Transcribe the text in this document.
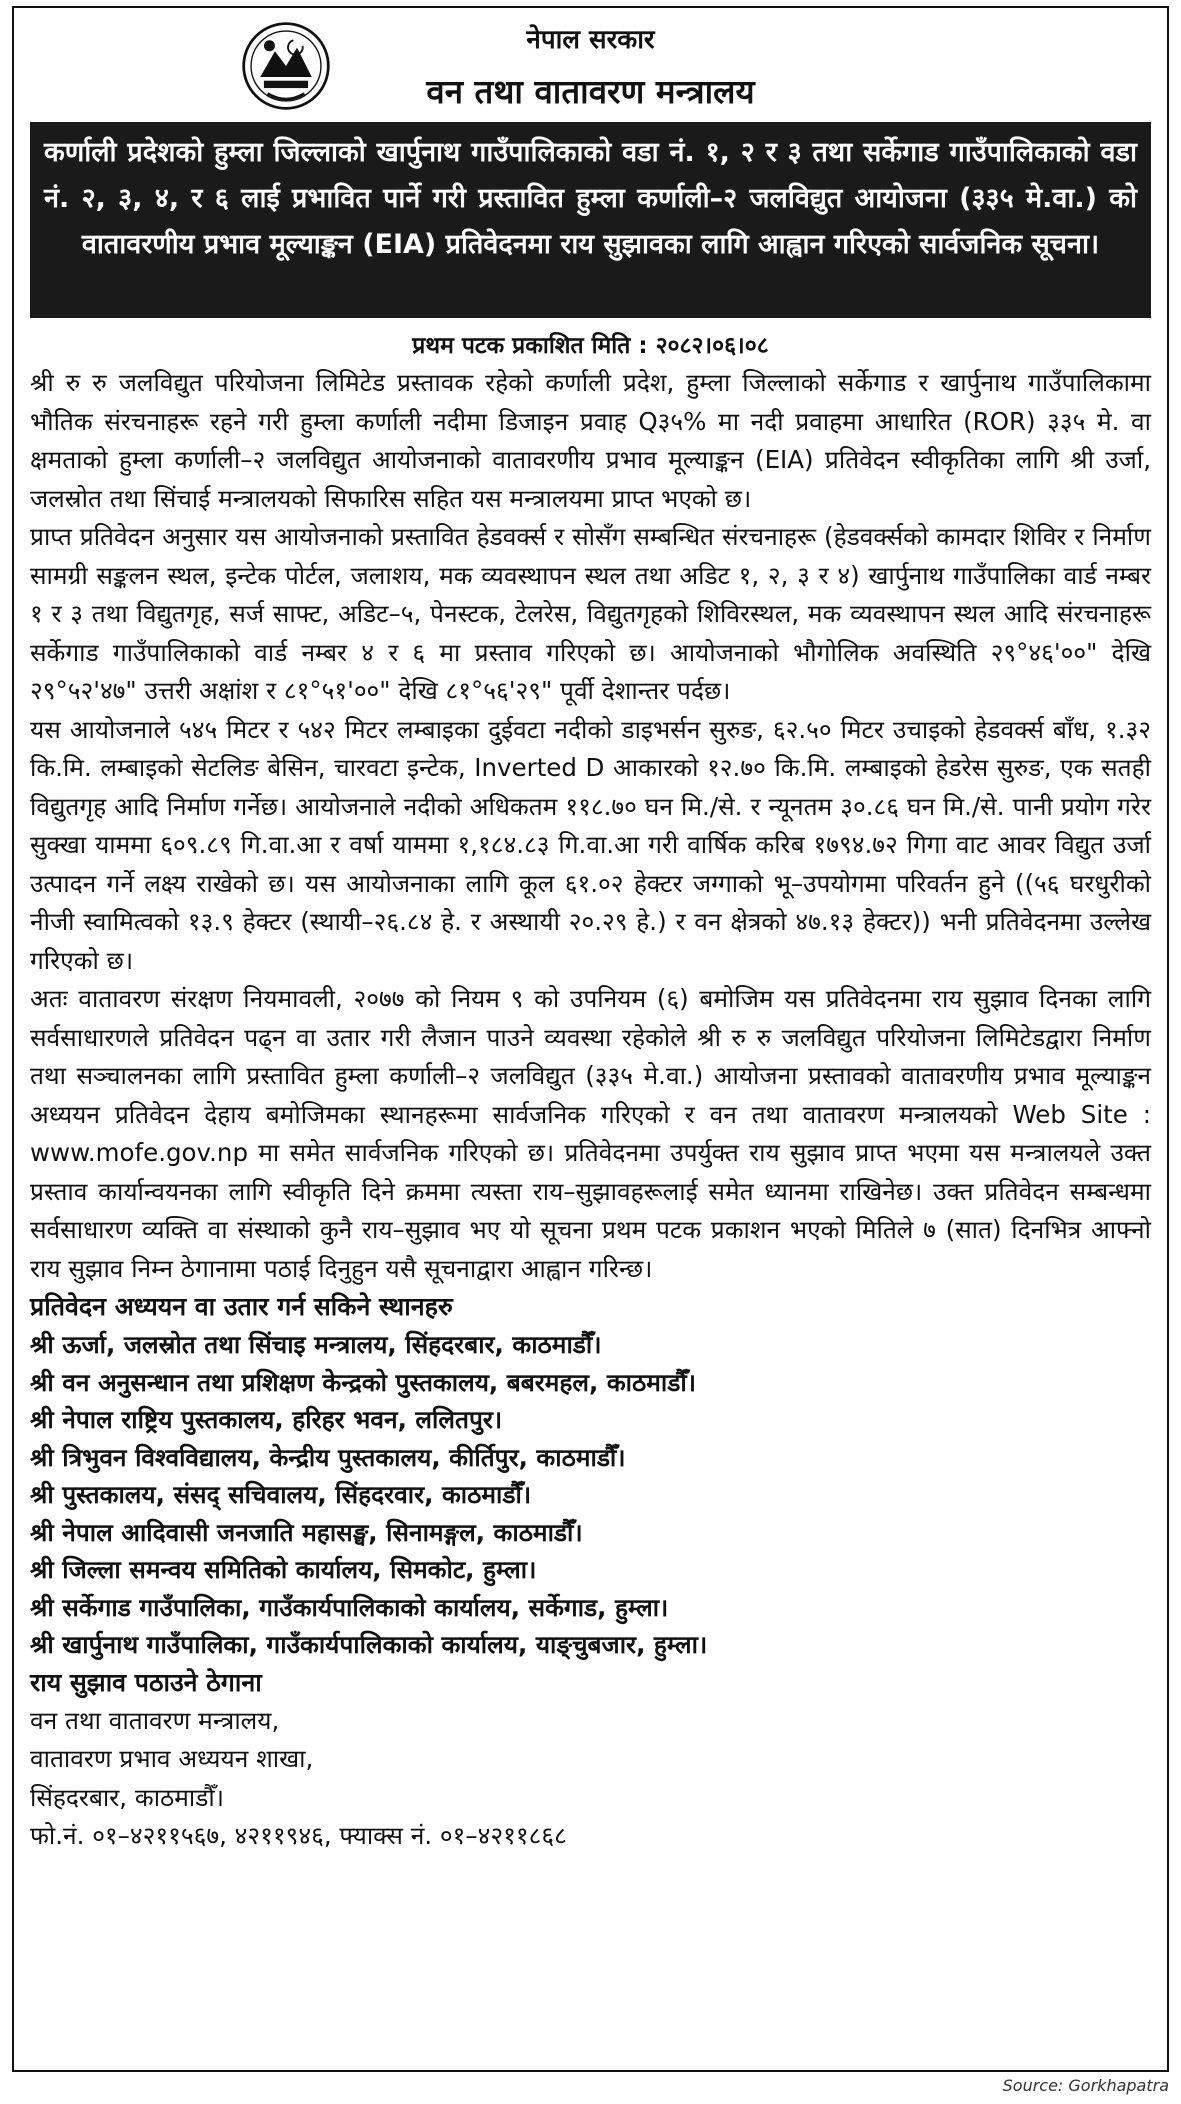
नेपाल सरकार
वन तथा वातावरण मन्त्रालय
कर्णाली प्रदेशको हुम्ला जिल्लाको खार्पुनाथ गाउँपालिकाको वडा नं. १, २ र ३ तथा सर्केगाड गाउँपालिकाको वडा नं. २, ३, ४, र ६ लाई प्रभावित पार्ने गरी प्रस्तावित हुम्ला कर्णाली–२ जलविद्युत आयोजना (३३५ मे.वा.) को वातावरणीय प्रभाव मूल्याङ्कन (EIA) प्रतिवेदनमा राय सुझावका लागि आह्वान गरिएको सार्वजनिक सूचना।
प्रथम पटक प्रकाशित मिति : २०८२।०६।०८

श्री रु रु जलविद्युत परियोजना लिमिटेड प्रस्तावक रहेको कर्णाली प्रदेश, हुम्ला जिल्लाको सर्केगाड र खार्पुनाथ गाउँपालिकामा भौतिक संरचनाहरू रहने गरी हुम्ला कर्णाली नदीमा डिजाइन प्रवाह Q३५% मा नदी प्रवाहमा आधारित (ROR) ३३५ मे. वा क्षमताको हुम्ला कर्णाली–२ जलविद्युत आयोजनाको वातावरणीय प्रभाव मूल्याङ्कन (EIA) प्रतिवेदन स्वीकृतिका लागि श्री उर्जा, जलस्रोत तथा सिंचाई मन्त्रालयको सिफारिस सहित यस मन्त्रालयमा प्राप्त भएको छ।

प्राप्त प्रतिवेदन अनुसार यस आयोजनाको प्रस्तावित हेडवर्क्स र सोसँग सम्बन्धित संरचनाहरू (हेडवर्क्सको कामदार शिविर र निर्माण सामग्री सङ्कलन स्थल, इन्टेक पोर्टल, जलाशय, मक व्यवस्थापन स्थल तथा अडिट १, २, ३ र ४) खार्पुनाथ गाउँपालिका वार्ड नम्बर १ र ३ तथा विद्युतगृह, सर्ज साफ्ट, अडिट–५, पेनस्टक, टेलरेस, विद्युतगृहको शिविरस्थल, मक व्यवस्थापन स्थल आदि संरचनाहरू सर्केगाड गाउँपालिकाको वार्ड नम्बर ४ र ६ मा प्रस्ताव गरिएको छ। आयोजनाको भौगोलिक अवस्थिति २९°४६'००" देखि २९°५२'४७" उत्तरी अक्षांश र ८१°५१'००" देखि ८१°५६'२९" पूर्वी देशान्तर पर्दछ।

यस आयोजनाले ५४५ मिटर र ५४२ मिटर लम्बाइका दुईवटा नदीको डाइभर्सन सुरुङ, ६२.५० मिटर उचाइको हेडवर्क्स बाँध, १.३२ कि.मि. लम्बाइको सेटलिङ बेसिन, चारवटा इन्टेक, Inverted D आकारको १२.७० कि.मि. लम्बाइको हेडरेस सुरुङ, एक सतही विद्युतगृह आदि निर्माण गर्नेछ। आयोजनाले नदीको अधिकतम ११८.७० घन मि./से. र न्यूनतम ३०.८६ घन मि./से. पानी प्रयोग गरेर सुक्खा याममा ६०९.८९ गि.वा.आ र वर्षा याममा १,१८४.८३ गि.वा.आ गरी वार्षिक करिब १७९४.७२ गिगा वाट आवर विद्युत उर्जा उत्पादन गर्ने लक्ष्य राखेको छ। यस आयोजनाका लागि कूल ६१.०२ हेक्टर जग्गाको भू–उपयोगमा परिवर्तन हुने ((५६ घरधुरीको नीजी स्वामित्वको १३.९ हेक्टर (स्थायी–२६.८४ हे. र अस्थायी २०.२९ हे.) र वन क्षेत्रको ४७.१३ हेक्टर)) भनी प्रतिवेदनमा उल्लेख गरिएको छ।

अतः वातावरण संरक्षण नियमावली, २०७७ को नियम ९ को उपनियम (६) बमोजिम यस प्रतिवेदनमा राय सुझाव दिनका लागि सर्वसाधारणले प्रतिवेदन पढ्न वा उतार गरी लैजान पाउने व्यवस्था रहेकोले श्री रु रु जलविद्युत परियोजना लिमिटेडद्वारा निर्माण तथा सञ्चालनका लागि प्रस्तावित हुम्ला कर्णाली–२ जलविद्युत (३३५ मे.वा.) आयोजना प्रस्तावको वातावरणीय प्रभाव मूल्याङ्कन अध्ययन प्रतिवेदन देहाय बमोजिमका स्थानहरूमा सार्वजनिक गरिएको र वन तथा वातावरण मन्त्रालयको Web Site : www.mofe.gov.np मा समेत सार्वजनिक गरिएको छ। प्रतिवेदनमा उपर्युक्त राय सुझाव प्राप्त भएमा यस मन्त्रालयले उक्त प्रस्ताव कार्यान्वयनका लागि स्वीकृति दिने क्रममा त्यस्ता राय–सुझावहरूलाई समेत ध्यानमा राखिनेछ। उक्त प्रतिवेदन सम्बन्धमा सर्वसाधारण व्यक्ति वा संस्थाको कुनै राय–सुझाव भए यो सूचना प्रथम पटक प्रकाशन भएको मितिले ७ (सात) दिनभित्र आफ्नो राय सुझाव निम्न ठेगानामा पठाई दिनुहुन यसै सूचनाद्वारा आह्वान गरिन्छ।

प्रतिवेदन अध्ययन वा उतार गर्न सकिने स्थानहरु

श्री ऊर्जा, जलस्रोत तथा सिंचाइ मन्त्रालय, सिंहदरबार, काठमाडौँ।

श्री वन अनुसन्धान तथा प्रशिक्षण केन्द्रको पुस्तकालय, बबरमहल, काठमाडौँ।

श्री नेपाल राष्ट्रिय पुस्तकालय, हरिहर भवन, ललितपुर।

श्री त्रिभुवन विश्वविद्यालय, केन्द्रीय पुस्तकालय, कीर्तिपुर, काठमाडौँ।

श्री पुस्तकालय, संसद् सचिवालय, सिंहदरवार, काठमाडौँ।

श्री नेपाल आदिवासी जनजाति महासङ्घ, सिनामङ्गल, काठमाडौँ।

श्री जिल्ला समन्वय समितिको कार्यालय, सिमकोट, हुम्ला।

श्री सर्केगाड गाउँपालिका, गाउँकार्यपालिकाको कार्यालय, सर्केगाड, हुम्ला।

श्री खार्पुनाथ गाउँपालिका, गाउँकार्यपालिकाको कार्यालय, याङ्चुबजार, हुम्ला।

राय सुझाव पठाउने ठेगाना

वन तथा वातावरण मन्त्रालय,

वातावरण प्रभाव अध्ययन शाखा,

सिंहदरबार, काठमाडौँ।

फो.नं. ०१–४२११५६७, ४२११९४६, फ्याक्स नं. ०१–४२११८६८

Source: Gorkhapatra
